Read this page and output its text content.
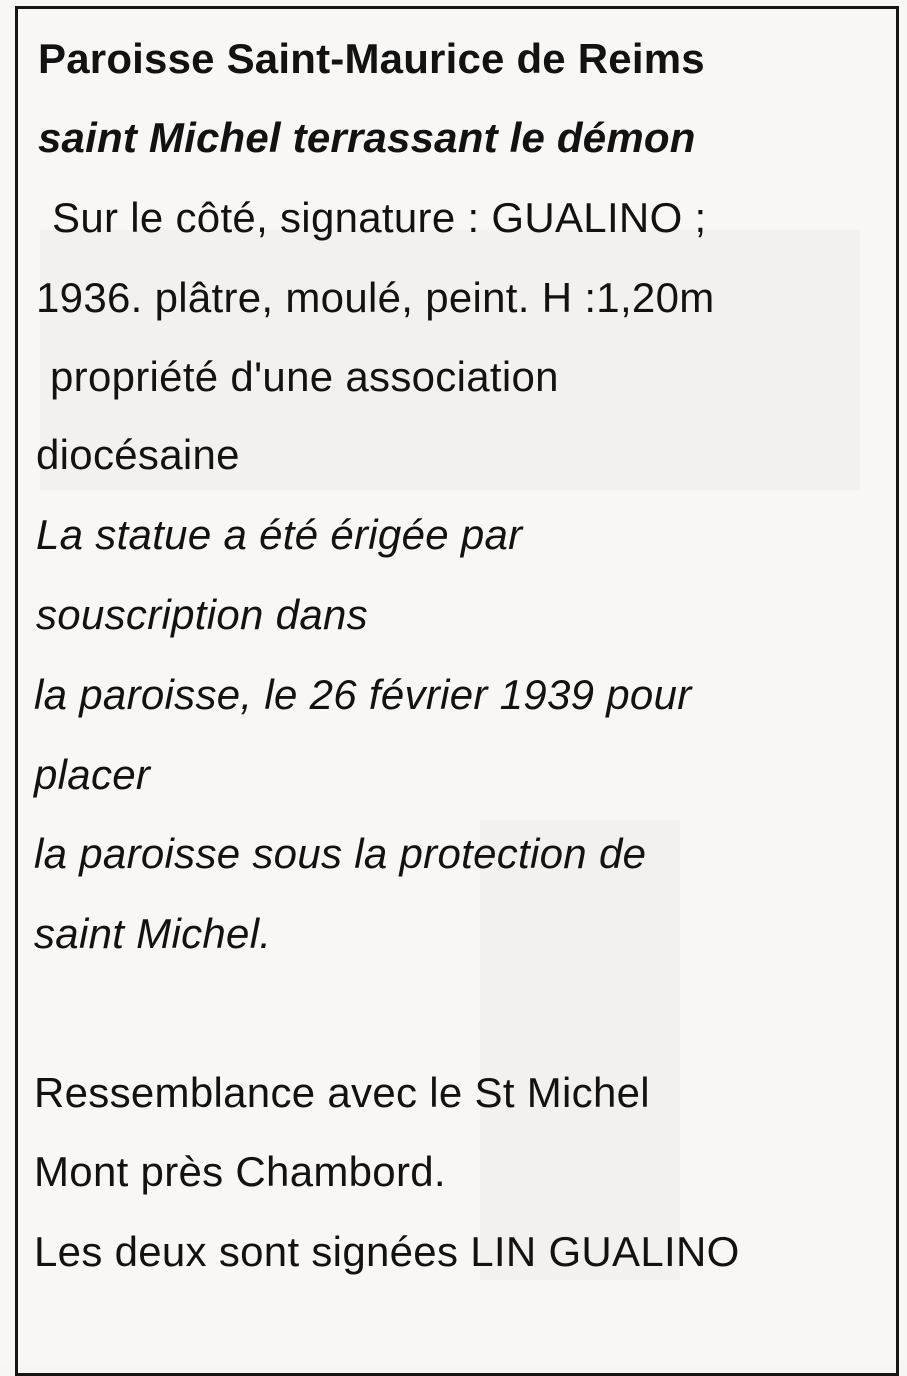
Paroisse Saint-Maurice de Reims
saint Michel terrassant le démon
Sur le côté, signature : GUALINO ;
1936. plâtre, moulé, peint. H :1,20m
propriété d'une association
diocésaine
La statue a été érigée par
souscription dans
la paroisse, le 26 février 1939 pour
placer
la paroisse sous la protection de
saint Michel.
Ressemblance avec le St Michel
Mont près Chambord.
Les deux sont signées LIN GUALINO
